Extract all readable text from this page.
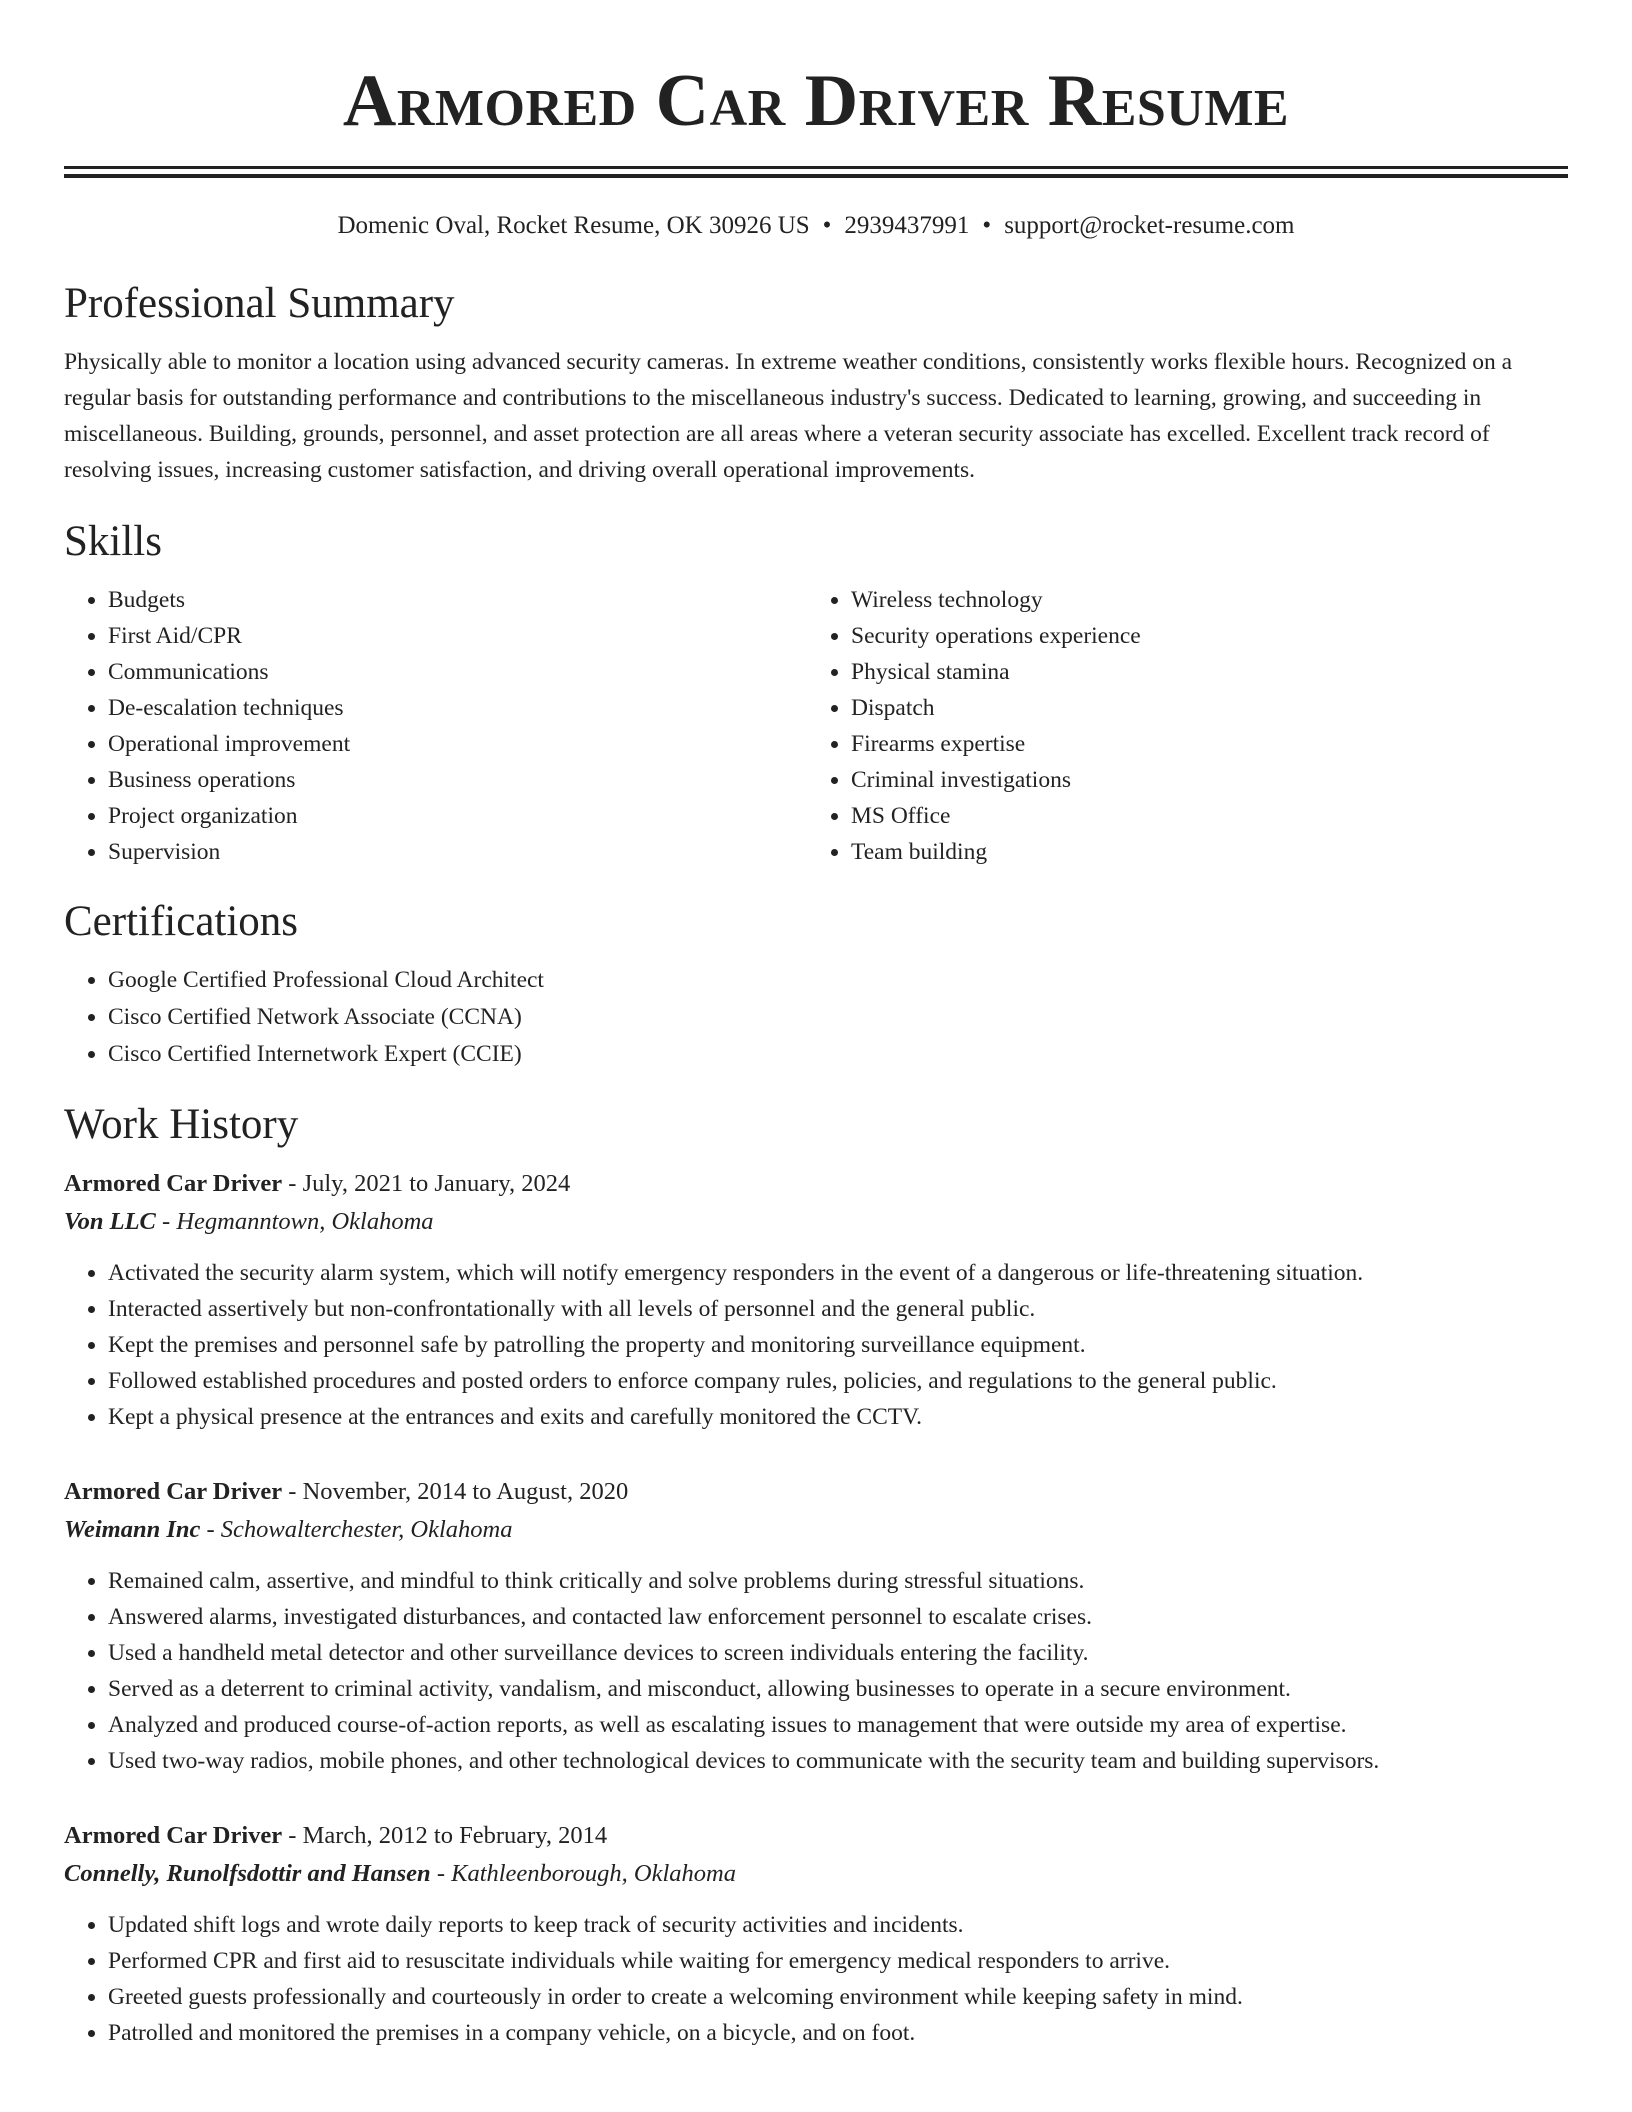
Armored Car Driver Resume
Domenic Oval, Rocket Resume, OK 30926 US • 2939437991 • support@rocket-resume.com
Professional Summary
Physically able to monitor a location using advanced security cameras. In extreme weather conditions, consistently works flexible hours. Recognized on a regular basis for outstanding performance and contributions to the miscellaneous industry's success. Dedicated to learning, growing, and succeeding in miscellaneous. Building, grounds, personnel, and asset protection are all areas where a veteran security associate has excelled. Excellent track record of resolving issues, increasing customer satisfaction, and driving overall operational improvements.
Skills
• Budgets
• First Aid/CPR
• Communications
• De-escalation techniques
• Operational improvement
• Business operations
• Project organization
• Supervision
• Wireless technology
• Security operations experience
• Physical stamina
• Dispatch
• Firearms expertise
• Criminal investigations
• MS Office
• Team building
Certifications
• Google Certified Professional Cloud Architect
• Cisco Certified Network Associate (CCNA)
• Cisco Certified Internetwork Expert (CCIE)
Work History
Armored Car Driver - July, 2021 to January, 2024
Von LLC - Hegmanntown, Oklahoma
• Activated the security alarm system, which will notify emergency responders in the event of a dangerous or life-threatening situation.
• Interacted assertively but non-confrontationally with all levels of personnel and the general public.
• Kept the premises and personnel safe by patrolling the property and monitoring surveillance equipment.
• Followed established procedures and posted orders to enforce company rules, policies, and regulations to the general public.
• Kept a physical presence at the entrances and exits and carefully monitored the CCTV.
Armored Car Driver - November, 2014 to August, 2020
Weimann Inc - Schowalterchester, Oklahoma
• Remained calm, assertive, and mindful to think critically and solve problems during stressful situations.
• Answered alarms, investigated disturbances, and contacted law enforcement personnel to escalate crises.
• Used a handheld metal detector and other surveillance devices to screen individuals entering the facility.
• Served as a deterrent to criminal activity, vandalism, and misconduct, allowing businesses to operate in a secure environment.
• Analyzed and produced course-of-action reports, as well as escalating issues to management that were outside my area of expertise.
• Used two-way radios, mobile phones, and other technological devices to communicate with the security team and building supervisors.
Armored Car Driver - March, 2012 to February, 2014
Connelly, Runolfsdottir and Hansen - Kathleenborough, Oklahoma
• Updated shift logs and wrote daily reports to keep track of security activities and incidents.
• Performed CPR and first aid to resuscitate individuals while waiting for emergency medical responders to arrive.
• Greeted guests professionally and courteously in order to create a welcoming environment while keeping safety in mind.
• Patrolled and monitored the premises in a company vehicle, on a bicycle, and on foot.
